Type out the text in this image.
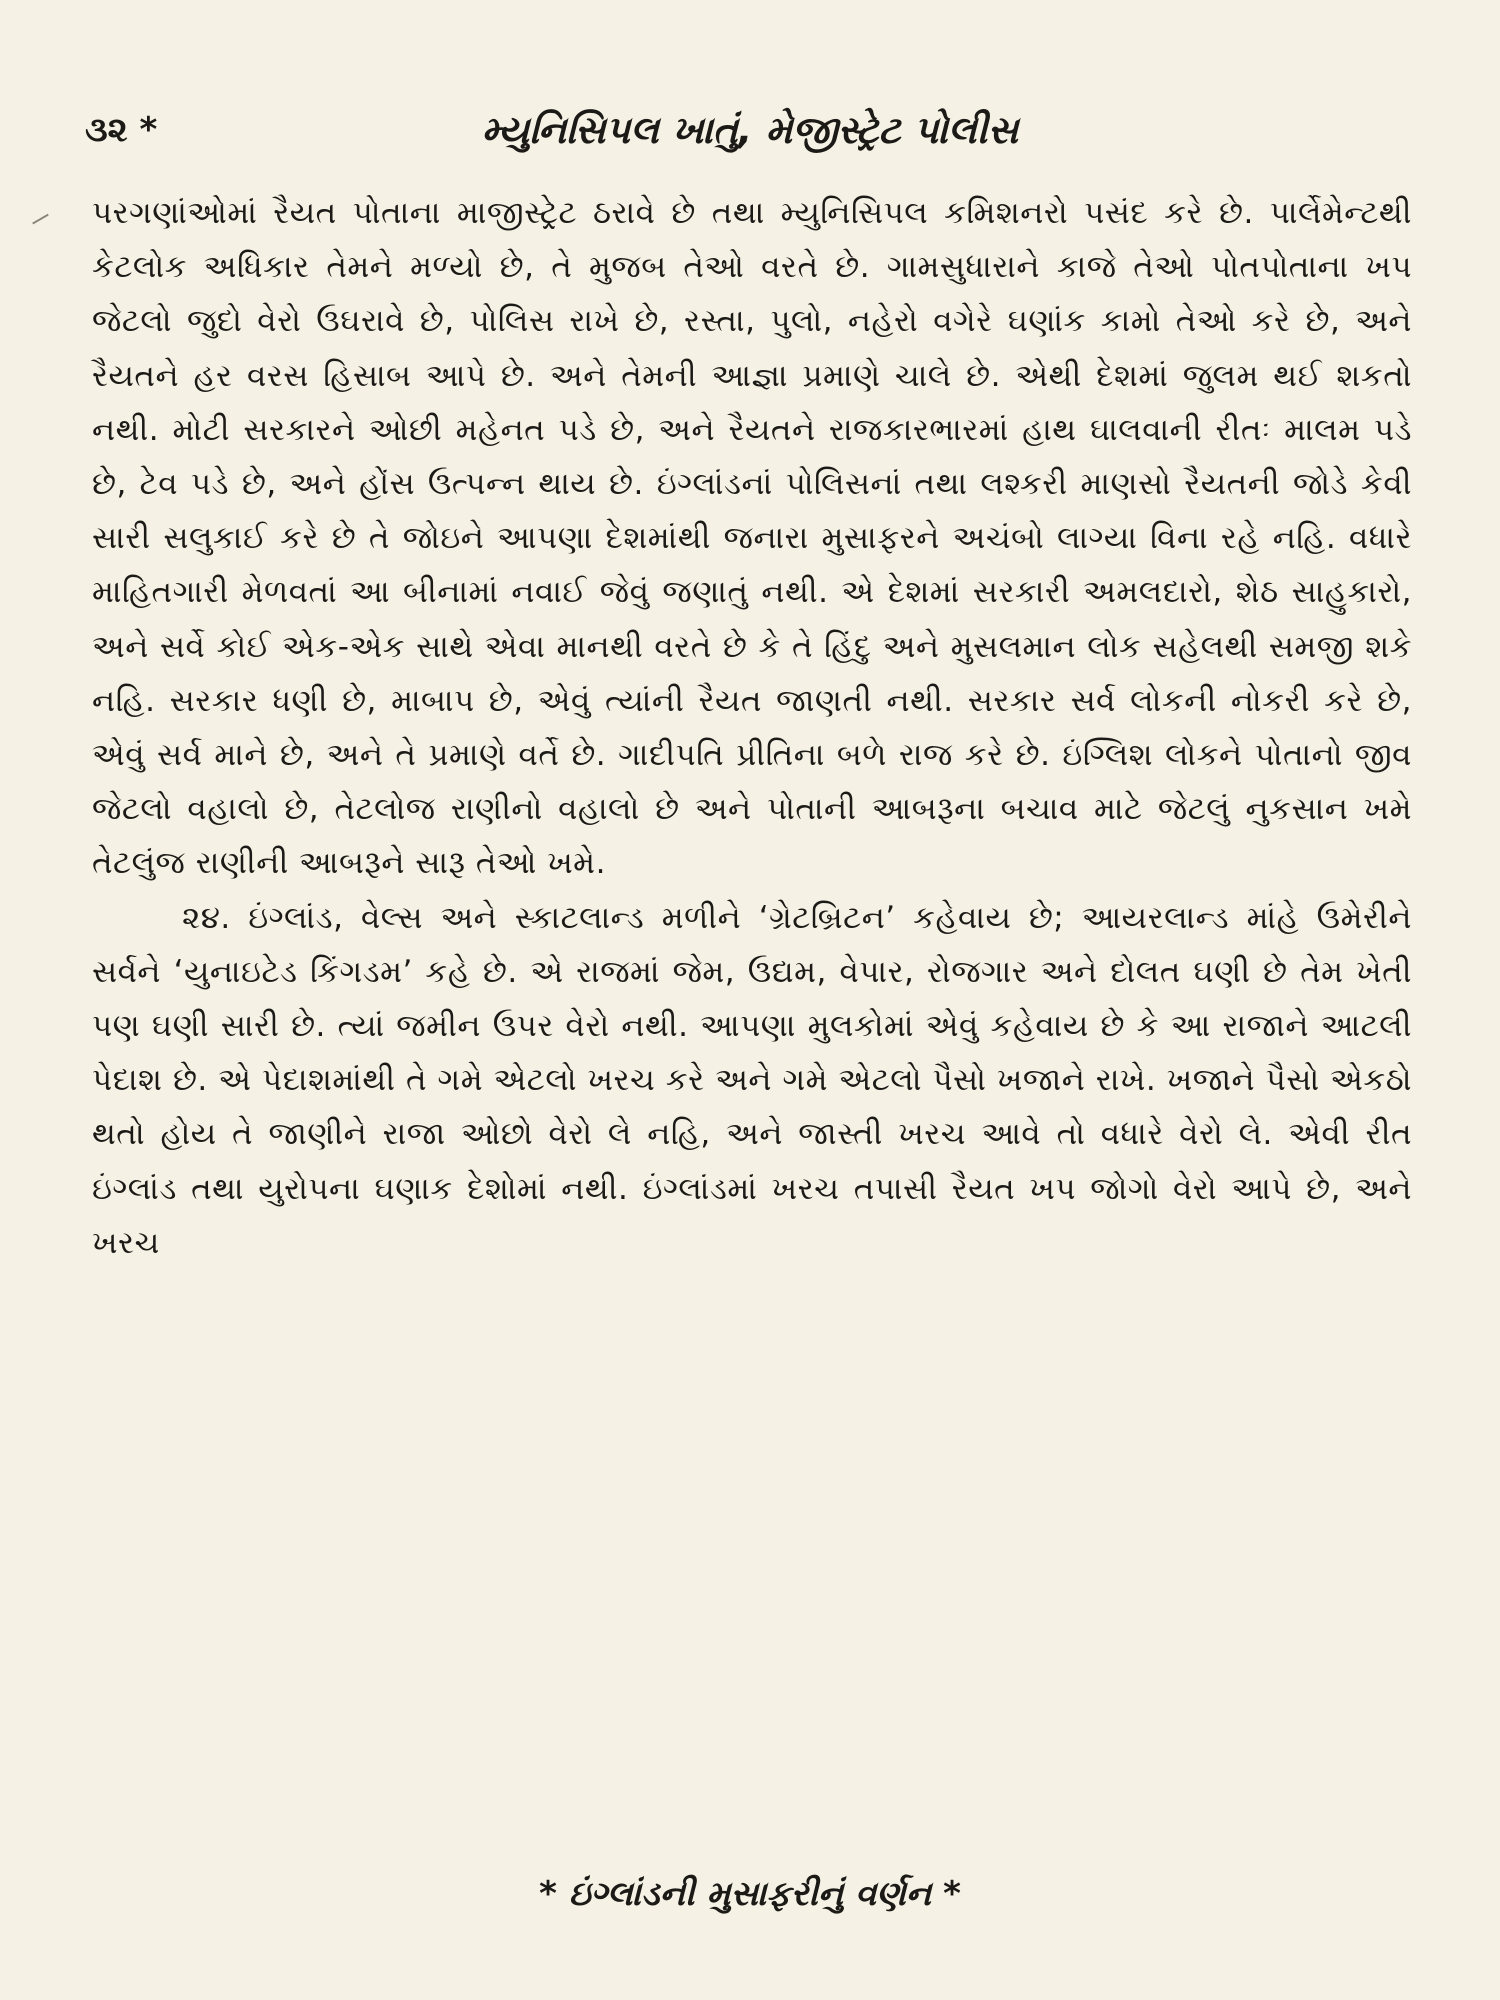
૩૨ *	મ્યુનિસિપલ ખાતું, મેજીસ્ટ્રેટ પોલીસ

પરગણાંઓમાં રૈયત પોતાના માજીસ્ટ્રેટ ઠરાવે છે તથા મ્યુનિસિપલ કમિશનરો પસંદ કરે છે. પાર્લેમેન્ટથી કેટલોક અધિકાર તેમને મળ્યો છે, તે મુજબ તેઓ વરતે છે. ગામસુધારાને કાજે તેઓ પોતપોતાના ખપ જેટલો જુદો વેરો ઉઘરાવે છે, પોલિસ રાખે છે, રસ્તા, પુલો, નહેરો વગેરે ઘણાંક કામો તેઓ કરે છે, અને રૈયતને હર વરસ હિસાબ આપે છે. અને તેમની આજ્ઞા પ્રમાણે ચાલે છે. એથી દેશમાં જુલમ થઈ શકતો નથી. મોટી સરકારને ઓછી મહેનત પડે છે, અને રૈયતને રાજકારભારમાં હાથ ઘાલવાની રીતઃ માલમ પડે છે, ટેવ પડે છે, અને હોંસ ઉત્પન્ન થાય છે. ઇંગ્લાંડનાં પોલિસનાં તથા લશ્કરી માણસો રૈયતની જોડે કેવી સારી સલુકાઈ કરે છે તે જોઇને આપણા દેશમાંથી જનારા મુસાફરને અચંબો લાગ્યા વિના રહે નહિ. વધારે માહિતગારી મેળવતાં આ બીનામાં નવાઈ જેવું જણાતું નથી. એ દેશમાં સરકારી અમલદારો, શેઠ સાહુકારો, અને સર્વે કોઈ એક-એક સાથે એવા માનથી વરતે છે કે તે હિંદુ અને મુસલમાન લોક સહેલથી સમજી શકે નહિ. સરકાર ધણી છે, માબાપ છે, એવું ત્યાંની રૈયત જાણતી નથી. સરકાર સર્વ લોકની નોકરી કરે છે, એવું સર્વ માને છે, અને તે પ્રમાણે વર્તે છે. ગાદીપતિ પ્રીતિના બળે રાજ કરે છે. ઇંગ્લિશ લોકને પોતાનો જીવ જેટલો વહાલો છે, તેટલોજ રાણીનો વહાલો છે અને પોતાની આબરૂના બચાવ માટે જેટલું નુકસાન ખમે તેટલુંજ રાણીની આબરૂને સારૂ તેઓ ખમે.

૨૪. ઇંગ્લાંડ, વેલ્સ અને સ્કાટલાન્ડ મળીને ‘ગ્રેટબ્રિટન’ કહેવાય છે; આયરલાન્ડ માંહે ઉમેરીને સર્વને ‘યુનાઇટેડ કિંગડમ’ કહે છે. એ રાજમાં જેમ, ઉદ્યમ, વેપાર, રોજગાર અને દોલત ઘણી છે તેમ ખેતી પણ ઘણી સારી છે. ત્યાં જમીન ઉપર વેરો નથી. આપણા મુલકોમાં એવું કહેવાય છે કે આ રાજાને આટલી પેદાશ છે. એ પેદાશમાંથી તે ગમે એટલો ખરચ કરે અને ગમે એટલો પૈસો ખજાને રાખે. ખજાને પૈસો એકઠો થતો હોય તે જાણીને રાજા ઓછો વેરો લે નહિ, અને જાસ્તી ખરચ આવે તો વધારે વેરો લે. એવી રીત ઇંગ્લાંડ તથા યુરોપના ઘણાક દેશોમાં નથી. ઇંગ્લાંડમાં ખરચ તપાસી રૈયત ખપ જોગો વેરો આપે છે, અને ખરચ

* ઇંગ્લાંડની મુસાફરીનું વર્ણન *
